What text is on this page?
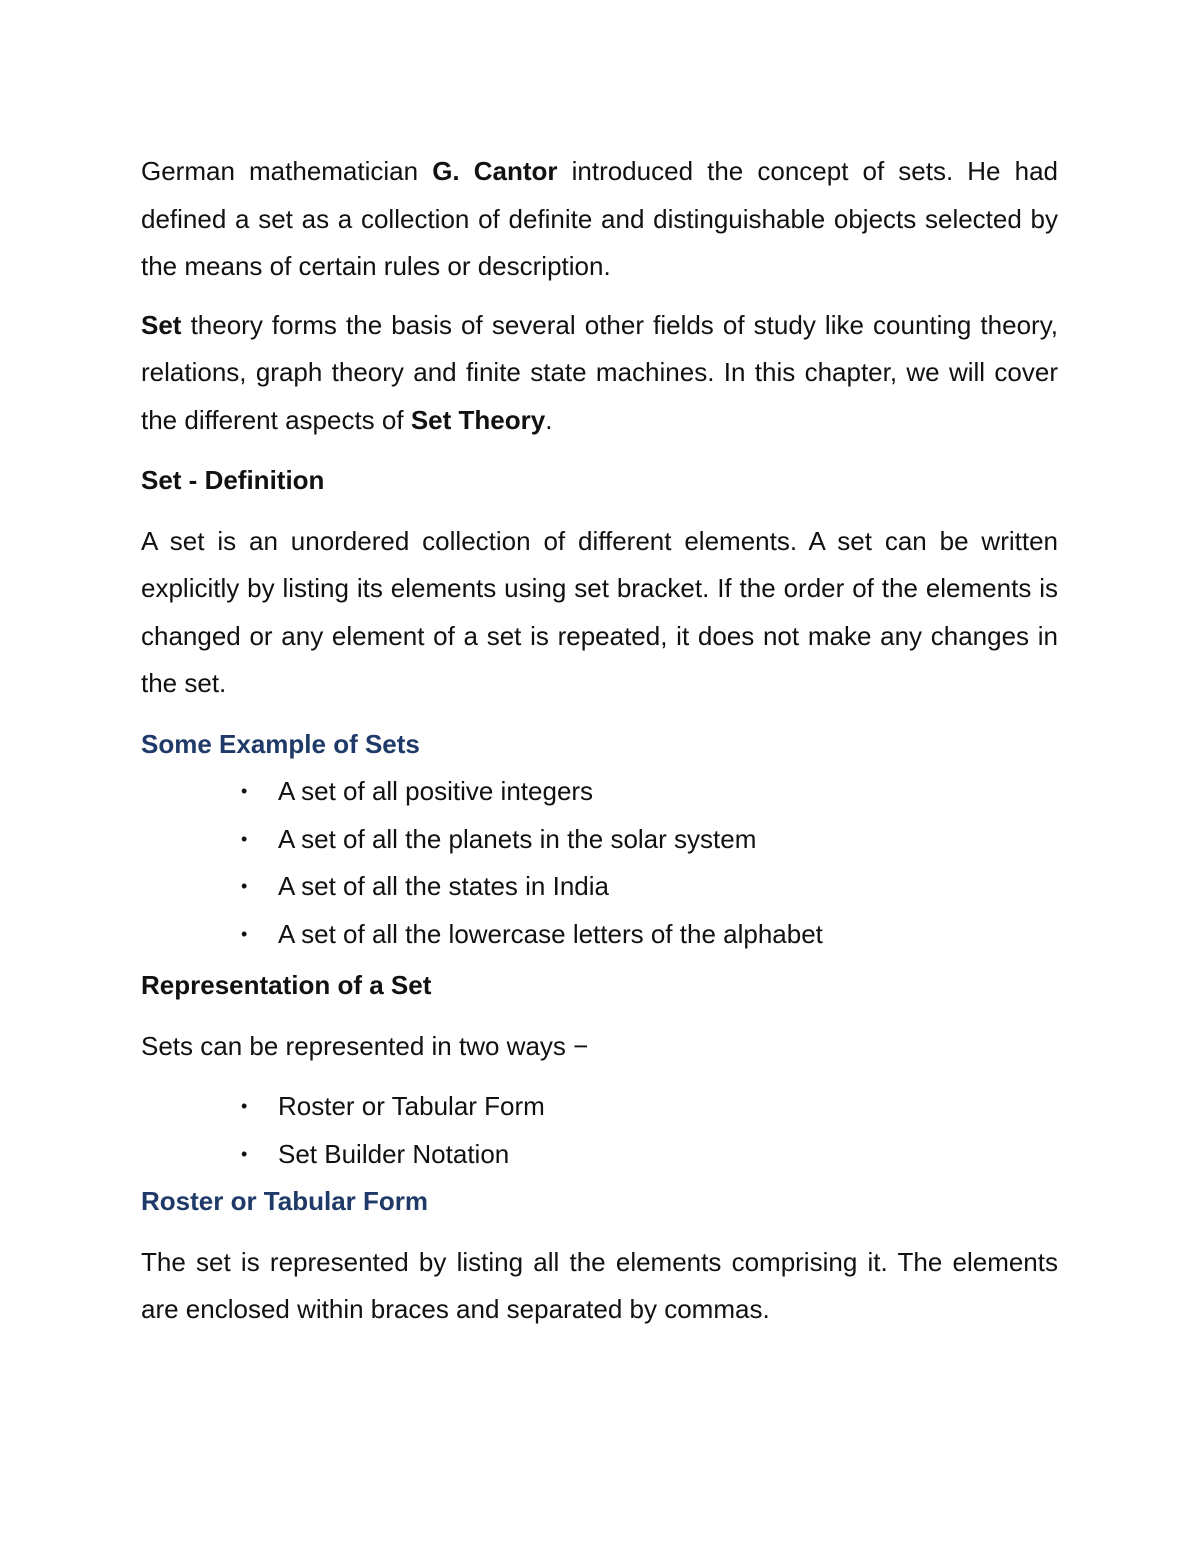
German mathematician G. Cantor introduced the concept of sets. He had defined a set as a collection of definite and distinguishable objects selected by the means of certain rules or description.

Set theory forms the basis of several other fields of study like counting theory, relations, graph theory and finite state machines. In this chapter, we will cover the different aspects of Set Theory.

Set - Definition

A set is an unordered collection of different elements. A set can be written explicitly by listing its elements using set bracket. If the order of the elements is changed or any element of a set is repeated, it does not make any changes in the set.

Some Example of Sets
• A set of all positive integers
• A set of all the planets in the solar system
• A set of all the states in India
• A set of all the lowercase letters of the alphabet
Representation of a Set

Sets can be represented in two ways −

• Roster or Tabular Form
• Set Builder Notation
Roster or Tabular Form

The set is represented by listing all the elements comprising it. The elements are enclosed within braces and separated by commas.
